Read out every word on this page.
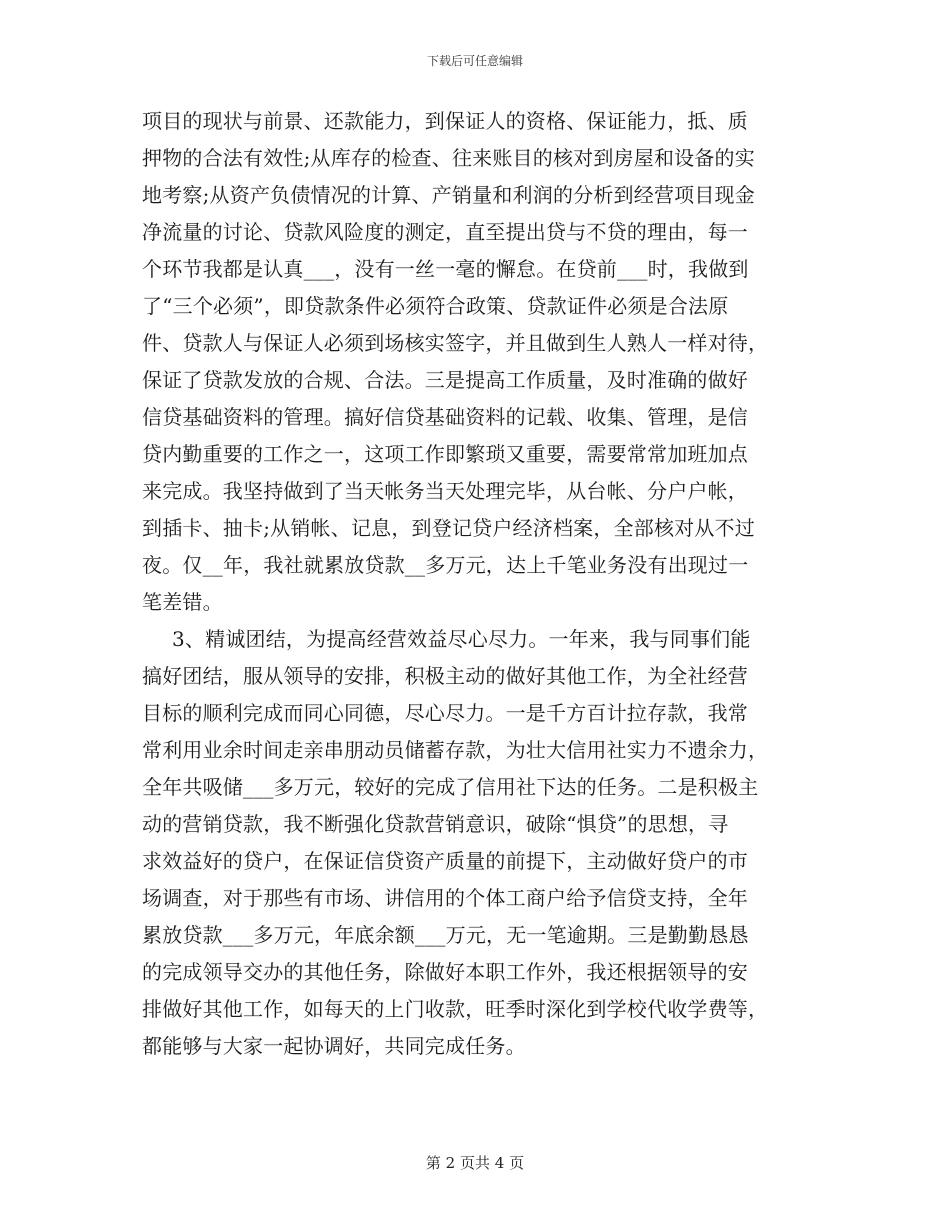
下载后可任意编辑
项目的现状与前景、还款能力，到保证人的资格、保证能力，抵、质
押物的合法有效性;从库存的检查、往来账目的核对到房屋和设备的实
地考察;从资产负债情况的计算、产销量和利润的分析到经营项目现金
净流量的讨论、贷款风险度的测定，直至提出贷与不贷的理由，每一
个环节我都是认真___，没有一丝一毫的懈怠。在贷前___时，我做到
了“三个必须”，即贷款条件必须符合政策、贷款证件必须是合法原
件、贷款人与保证人必须到场核实签字，并且做到生人熟人一样对待，
保证了贷款发放的合规、合法。三是提高工作质量，及时准确的做好
信贷基础资料的管理。搞好信贷基础资料的记载、收集、管理，是信
贷内勤重要的工作之一，这项工作即繁琐又重要，需要常常加班加点
来完成。我坚持做到了当天帐务当天处理完毕，从台帐、分户户帐，
到插卡、抽卡;从销帐、记息，到登记贷户经济档案，全部核对从不过
夜。仅__年，我社就累放贷款__多万元，达上千笔业务没有出现过一
笔差错。
3、精诚团结，为提高经营效益尽心尽力。一年来，我与同事们能
搞好团结，服从领导的安排，积极主动的做好其他工作，为全社经营
目标的顺利完成而同心同德，尽心尽力。一是千方百计拉存款，我常
常利用业余时间走亲串朋动员储蓄存款，为壮大信用社实力不遗余力，
全年共吸储___多万元，较好的完成了信用社下达的任务。二是积极主
动的营销贷款，我不断强化贷款营销意识，破除“惧贷”的思想，寻
求效益好的贷户，在保证信贷资产质量的前提下，主动做好贷户的市
场调查，对于那些有市场、讲信用的个体工商户给予信贷支持，全年
累放贷款___多万元，年底余额___万元，无一笔逾期。三是勤勤恳恳
的完成领导交办的其他任务，除做好本职工作外，我还根据领导的安
排做好其他工作，如每天的上门收款，旺季时深化到学校代收学费等，
都能够与大家一起协调好，共同完成任务。
第 2 页共 4 页
